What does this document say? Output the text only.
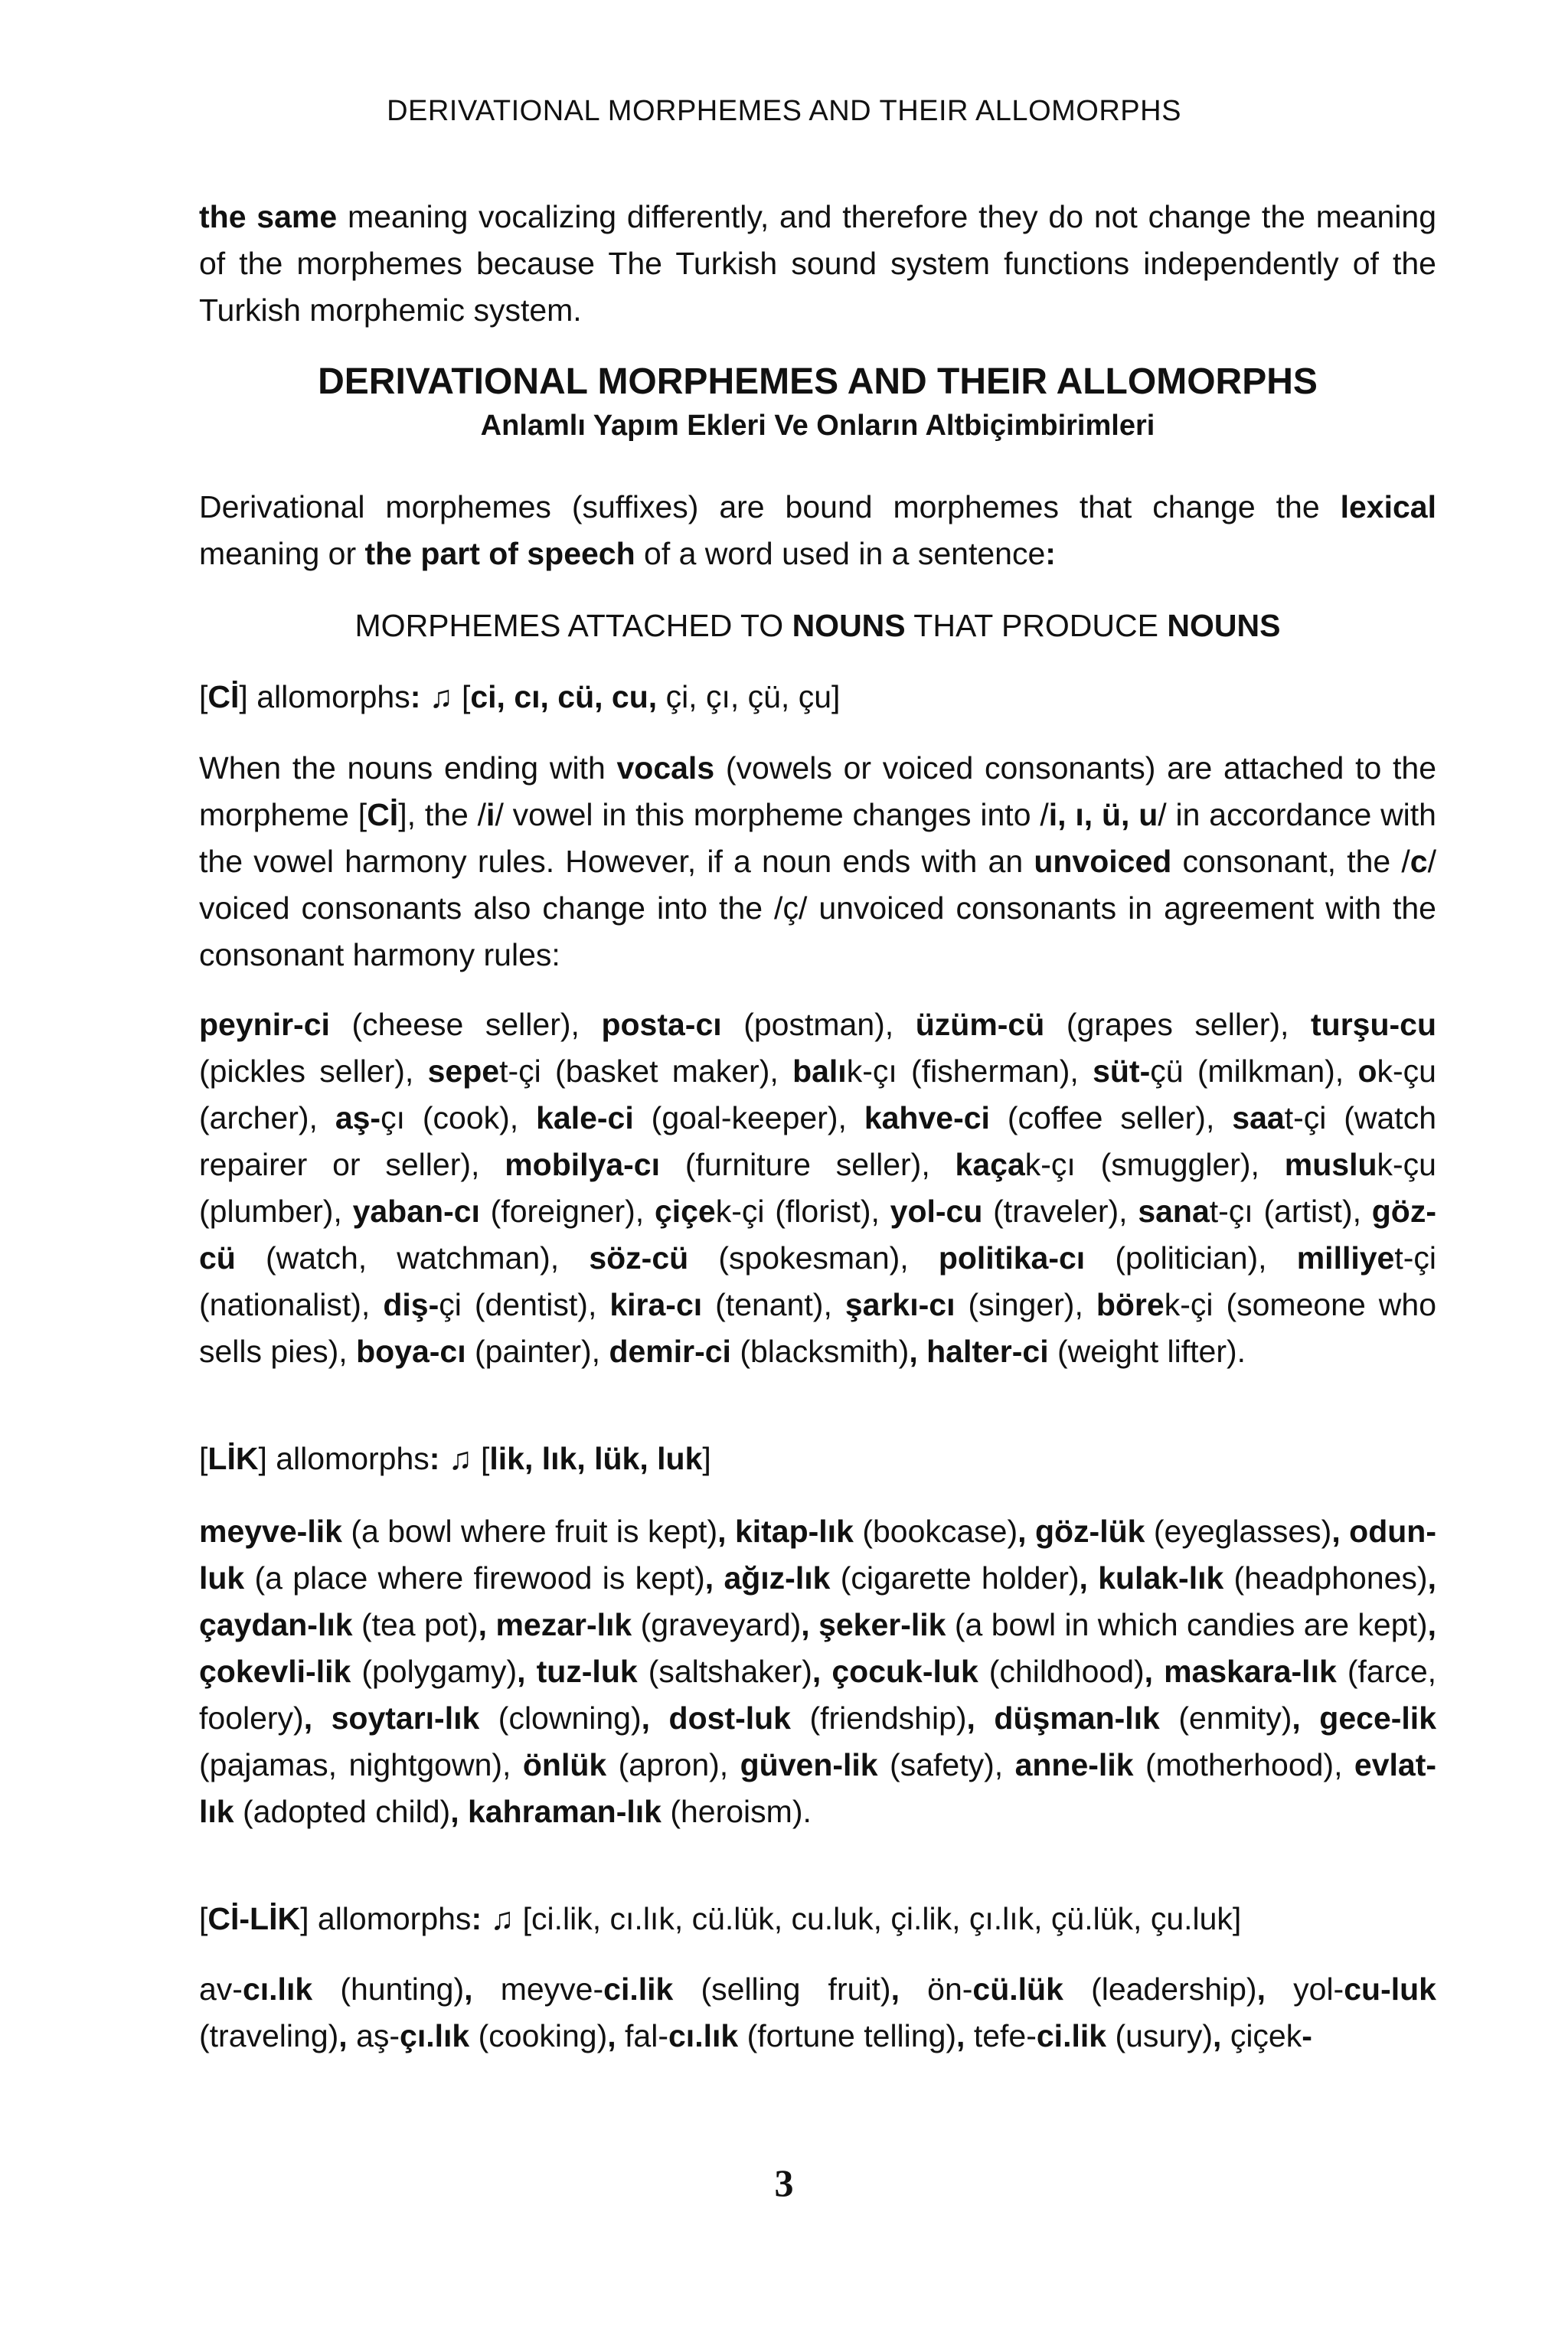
DERIVATIONAL MORPHEMES AND THEIR ALLOMORPHS

the same meaning vocalizing differently, and therefore they do not change the meaning of the morphemes because The Turkish sound system functions independently of the Turkish morphemic system.

DERIVATIONAL MORPHEMES AND THEIR ALLOMORPHS
Anlamlı Yapım Ekleri Ve Onların Altbiçimbirimleri

Derivational morphemes (suffixes) are bound morphemes that change the lexical meaning or the part of speech of a word used in a sentence:

MORPHEMES ATTACHED TO NOUNS THAT PRODUCE NOUNS

[Cİ] allomorphs: ♫ [ci, cı, cü, cu, çi, çı, çü, çu]

When the nouns ending with vocals (vowels or voiced consonants) are attached to the morpheme [Cİ], the /i/ vowel in this morpheme changes into /i, ı, ü, u/ in accordance with the vowel harmony rules. However, if a noun ends with an unvoiced consonant, the /c/ voiced consonants also change into the /ç/ unvoiced consonants in agreement with the consonant harmony rules:

peynir-ci (cheese seller), posta-cı (postman), üzüm-cü (grapes seller), turşu-cu (pickles seller), sepet-çi (basket maker), balık-çı (fisherman), süt-çü (milkman), ok-çu (archer), aş-çı (cook), kale-ci (goal-keeper), kahve-ci (coffee seller), saat-çi (watch repairer or seller), mobilya-cı (furniture seller), kaçak-çı (smuggler), musluk-çu (plumber), yaban-cı (foreigner), çiçek-çi (florist), yol-cu (traveler), sanat-çı (artist), göz-cü (watch, watchman), söz-cü (spokesman), politika-cı (politician), milliyet-çi (nationalist), diş-çi (dentist), kira-cı (tenant), şarkı-cı (singer), börek-çi (someone who sells pies), boya-cı (painter), demir-ci (blacksmith), halter-ci (weight lifter).

[LİK] allomorphs: ♫ [lik, lık, lük, luk]

meyve-lik (a bowl where fruit is kept), kitap-lık (bookcase), göz-lük (eyeglasses), odun-luk (a place where firewood is kept), ağız-lık (cigarette holder), kulak-lık (headphones), çaydan-lık (tea pot), mezar-lık (graveyard), şeker-lik (a bowl in which candies are kept), çokevli-lik (polygamy), tuz-luk (saltshaker), çocuk-luk (childhood), maskara-lık (farce, foolery), soytarı-lık (clowning), dost-luk (friendship), düşman-lık (enmity), gece-lik (pajamas, nightgown), önlük (apron), güven-lik (safety), anne-lik (motherhood), evlat-lık (adopted child), kahraman-lık (heroism).

[Cİ-LİK] allomorphs: ♫ [ci.lik, cı.lık, cü.lük, cu.luk, çi.lik, çı.lık, çü.lük, çu.luk]

av-cı.lık (hunting), meyve-ci.lik (selling fruit), ön-cü.lük (leadership), yol-cu-luk (traveling), aş-çı.lık (cooking), fal-cı.lık (fortune telling), tefe-ci.lik (usury), çiçek-

3
